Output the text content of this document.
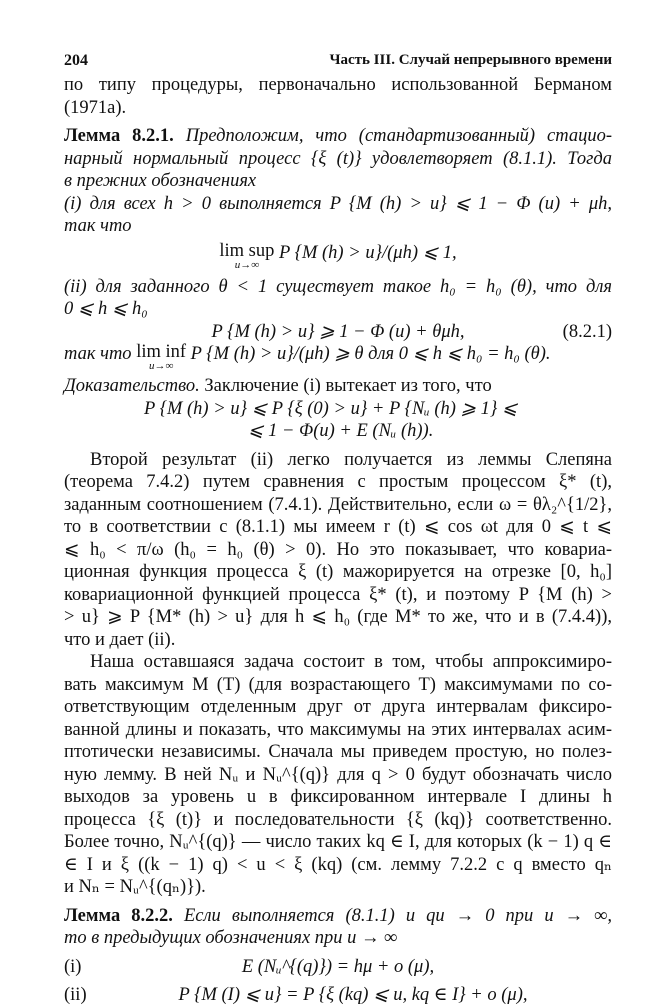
204	Часть III. Случай непрерывного времени
по типу процедуры, первоначально использованной Берманом
(1971a).
Лемма 8.2.1. Предположим, что (стандартизованный) стацио-
нарный нормальный процесс {ξ (t)} удовлетворяет (8.1.1). Тогда
в прежних обозначениях
(i) для всех h > 0 выполняется P {M (h) > u} ⩽ 1 − Φ (u) + μh,
так что
lim sup
u→∞
P {M (h) > u}/(μh) ⩽ 1,
(ii) для заданного θ < 1 существует такое h₀ = h₀ (θ), что для
0 ⩽ h ⩽ h₀
P {M (h) > u} ⩾ 1 − Φ (u) + θμh,	(8.2.1)
так что lim inf
u→∞
P {M (h) > u}/(μh) ⩾ θ для 0 ⩽ h ⩽ h₀ = h₀ (θ).
Доказательство. Заключение (i) вытекает из того, что
P {M (h) > u} ⩽ P {ξ (0) > u} + P {Nᵤ (h) ⩾ 1} ⩽
⩽ 1 − Φ(u) + E (Nᵤ (h)).
Второй результат (ii) легко получается из леммы Слепяна
(теорема 7.4.2) путем сравнения с простым процессом ξ* (t),
заданным соотношением (7.4.1). Действительно, если ω = θλ₂^{1/2},
то в соответствии с (8.1.1) мы имеем r (t) ⩽ cos ωt для 0 ⩽ t ⩽
⩽ h₀ < π/ω (h₀ = h₀ (θ) > 0). Но это показывает, что ковариа-
ционная функция процесса ξ (t) мажорируется на отрезке [0, h₀]
ковариационной функцией процесса ξ* (t), и поэтому P {M (h) >
> u} ⩾ P {M* (h) > u} для h ⩽ h₀ (где M* то же, что и в (7.4.4)),
что и дает (ii).
Наша оставшаяся задача состоит в том, чтобы аппроксимиро-
вать максимум M (T) (для возрастающего T) максимумами по со-
ответствующим отделенным друг от друга интервалам фиксиро-
ванной длины и показать, что максимумы на этих интервалах асим-
птотически независимы. Сначала мы приведем простую, но полез-
ную лемму. В ней Nᵤ и Nᵤ^{(q)} для q > 0 будут обозначать число
выходов за уровень u в фиксированном интервале I длины h
процесса {ξ (t)} и последовательности {ξ (kq)} соответственно.
Более точно, Nᵤ^{(q)} — число таких kq ∈ I, для которых (k − 1) q ∈
∈ I и ξ ((k − 1) q) < u < ξ (kq) (см. лемму 7.2.2 с q вместо qₙ
и Nₙ = Nᵤ^{(qₙ)}).
Лемма 8.2.2. Если выполняется (8.1.1) и qu → 0 при u → ∞,
то в предыдущих обозначениях при u → ∞
(i)	E (Nᵤ^{(q)}) = hμ + o (μ),
(ii)	P {M (I) ⩽ u} = P {ξ (kq) ⩽ u, kq ∈ I} + o (μ),
